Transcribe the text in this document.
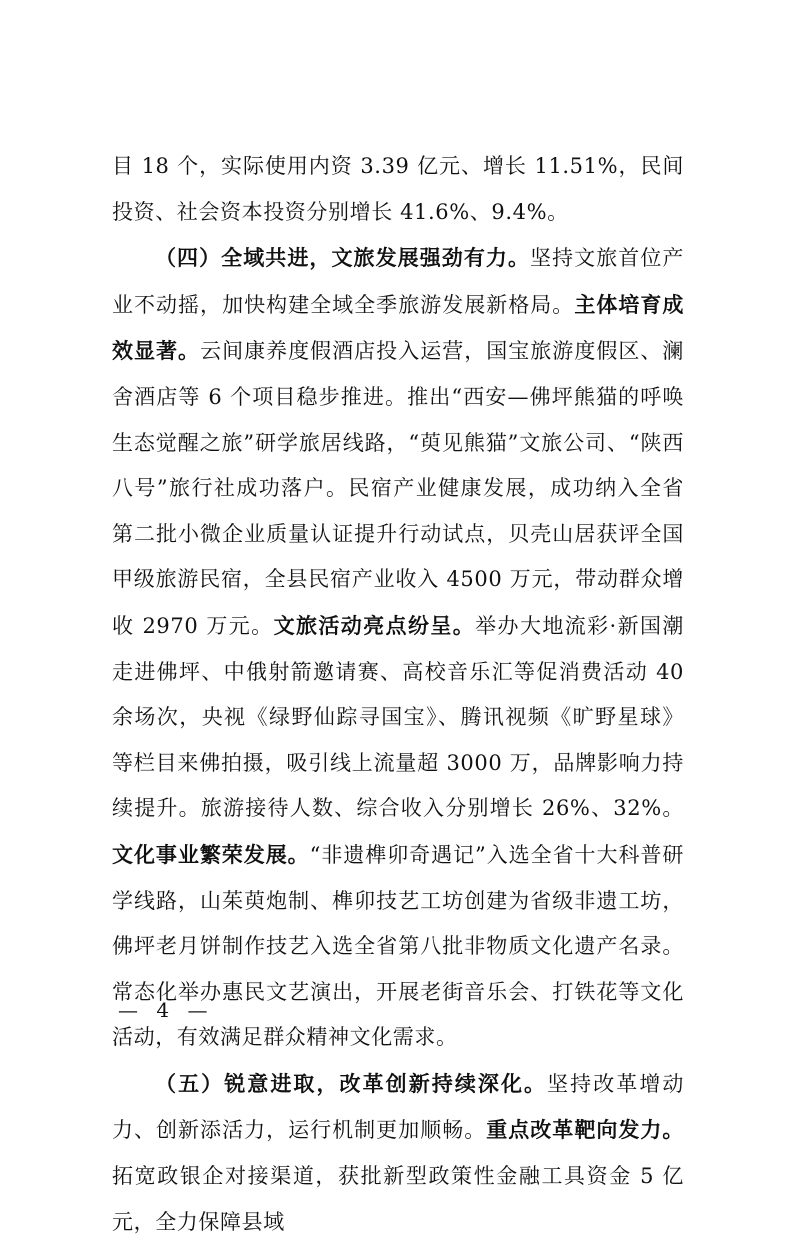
目 18 个，实际使用内资 3.39 亿元、增长 11.51%，民间投资、社会资本投资分别增长 41.6%、9.4%。

（四）全域共进，文旅发展强劲有力。坚持文旅首位产业不动摇，加快构建全域全季旅游发展新格局。主体培育成效显著。云间康养度假酒店投入运营，国宝旅游度假区、澜舍酒店等 6 个项目稳步推进。推出“西安—佛坪熊猫的呼唤生态觉醒之旅”研学旅居线路，“萸见熊猫”文旅公司、“陕西八号”旅行社成功落户。民宿产业健康发展，成功纳入全省第二批小微企业质量认证提升行动试点，贝壳山居获评全国甲级旅游民宿，全县民宿产业收入 4500 万元，带动群众增收 2970 万元。文旅活动亮点纷呈。举办大地流彩·新国潮走进佛坪、中俄射箭邀请赛、高校音乐汇等促消费活动 40 余场次，央视《绿野仙踪寻国宝》、腾讯视频《旷野星球》等栏目来佛拍摄，吸引线上流量超 3000 万，品牌影响力持续提升。旅游接待人数、综合收入分别增长 26%、32%。文化事业繁荣发展。“非遗榫卯奇遇记”入选全省十大科普研学线路，山茱萸炮制、榫卯技艺工坊创建为省级非遗工坊，佛坪老月饼制作技艺入选全省第八批非物质文化遗产名录。常态化举办惠民文艺演出，开展老街音乐会、打铁花等文化活动，有效满足群众精神文化需求。

（五）锐意进取，改革创新持续深化。坚持改革增动力、创新添活力，运行机制更加顺畅。重点改革靶向发力。拓宽政银企对接渠道，获批新型政策性金融工具资金 5 亿元，全力保障县域

— 4 —
